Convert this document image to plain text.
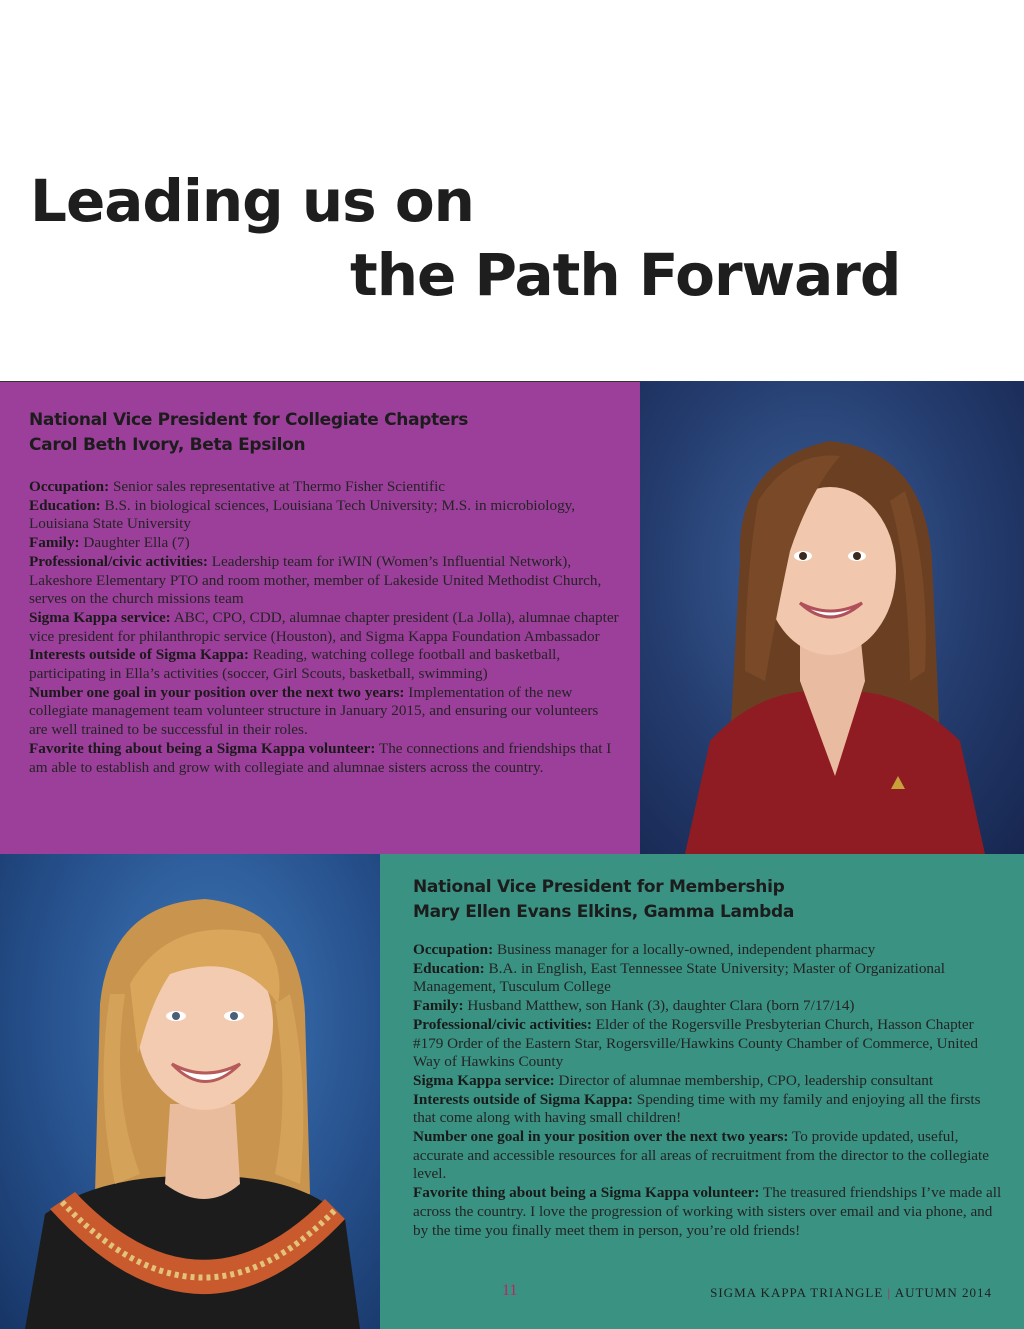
Leading us on
the Path Forward
National Vice President for Collegiate Chapters
Carol Beth Ivory, Beta Epsilon

Occupation: Senior sales representative at Thermo Fisher Scientific

Education: B.S. in biological sciences, Louisiana Tech University; M.S. in microbiology, Louisiana State University

Family: Daughter Ella (7)

Professional/civic activities: Leadership team for iWIN (Women’s Influential Network), Lakeshore Elementary PTO and room mother, member of Lakeside United Methodist Church, serves on the church missions team

Sigma Kappa service: ABC, CPO, CDD, alumnae chapter president (La Jolla), alumnae chapter vice president for philanthropic service (Houston), and Sigma Kappa Foundation Ambassador

Interests outside of Sigma Kappa: Reading, watching college football and basketball, participating in Ella’s activities (soccer, Girl Scouts, basketball, swimming)

Number one goal in your position over the next two years: Implementation of the new collegiate management team volunteer structure in January 2015, and ensuring our volunteers are well trained to be successful in their roles.

Favorite thing about being a Sigma Kappa volunteer: The connections and friendships that I am able to establish and grow with collegiate and alumnae sisters across the country.

National Vice President for Membership
Mary Ellen Evans Elkins, Gamma Lambda

Occupation: Business manager for a locally-owned, independent pharmacy

Education: B.A. in English, East Tennessee State University; Master of Organizational Management, Tusculum College

Family: Husband Matthew, son Hank (3), daughter Clara (born 7/17/14)

Professional/civic activities: Elder of the Rogersville Presbyterian Church, Hasson Chapter #179 Order of the Eastern Star, Rogersville/Hawkins County Chamber of Commerce, United Way of Hawkins County

Sigma Kappa service: Director of alumnae membership, CPO, leadership consultant

Interests outside of Sigma Kappa: Spending time with my family and enjoying all the firsts that come along with having small children!

Number one goal in your position over the next two years: To provide updated, useful, accurate and accessible resources for all areas of recruitment from the director to the collegiate level.

Favorite thing about being a Sigma Kappa volunteer: The treasured friendships I’ve made all across the country. I love the progression of working with sisters over email and via phone, and by the time you finally meet them in person, you’re old friends!

11	SIGMA KAPPA TRIANGLE | AUTUMN 2014
